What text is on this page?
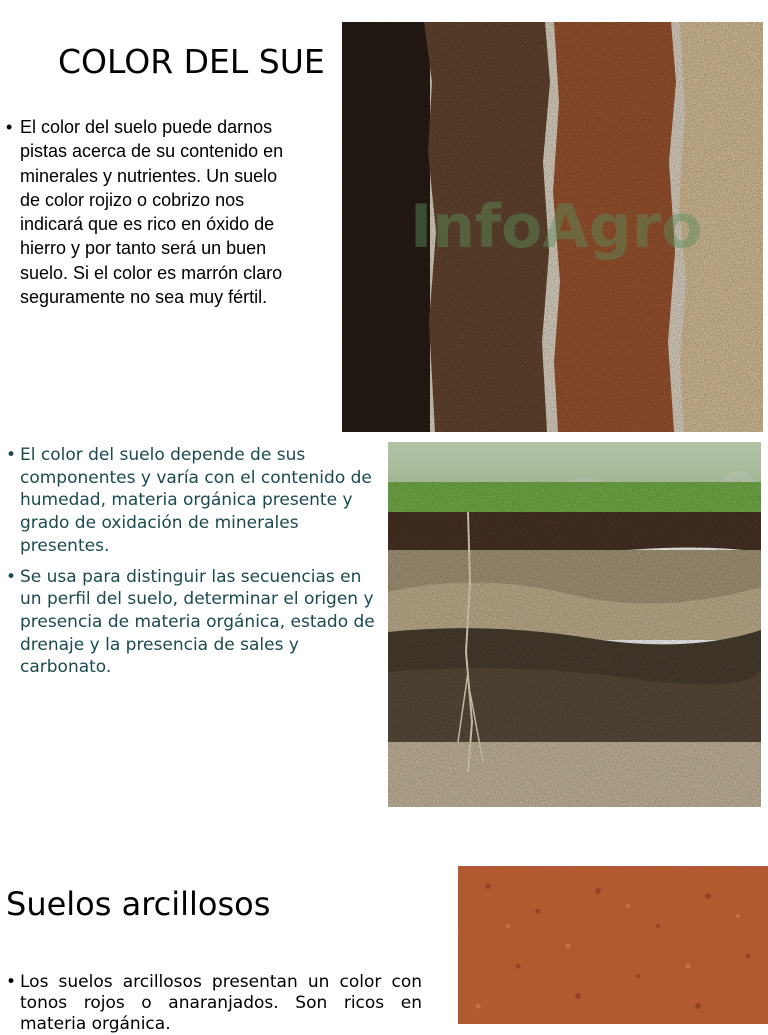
COLOR DEL SUE
InfoAgro
• El color del suelo puede darnos pistas acerca de su contenido en minerales y nutrientes. Un suelo de color rojizo o cobrizo nos indicará que es rico en óxido de hierro y por tanto será un buen suelo. Si el color es marrón claro seguramente no sea muy fértil.
• El color del suelo depende de sus componentes y varía con el contenido de humedad, materia orgánica presente y grado de oxidación de minerales presentes.
• Se usa para distinguir las secuencias en un perfil del suelo, determinar el origen y presencia de materia orgánica, estado de drenaje y la presencia de sales y carbonato.
Suelos arcillosos
• Los suelos arcillosos presentan un color con tonos rojos o anaranjados. Son ricos en materia orgánica.
